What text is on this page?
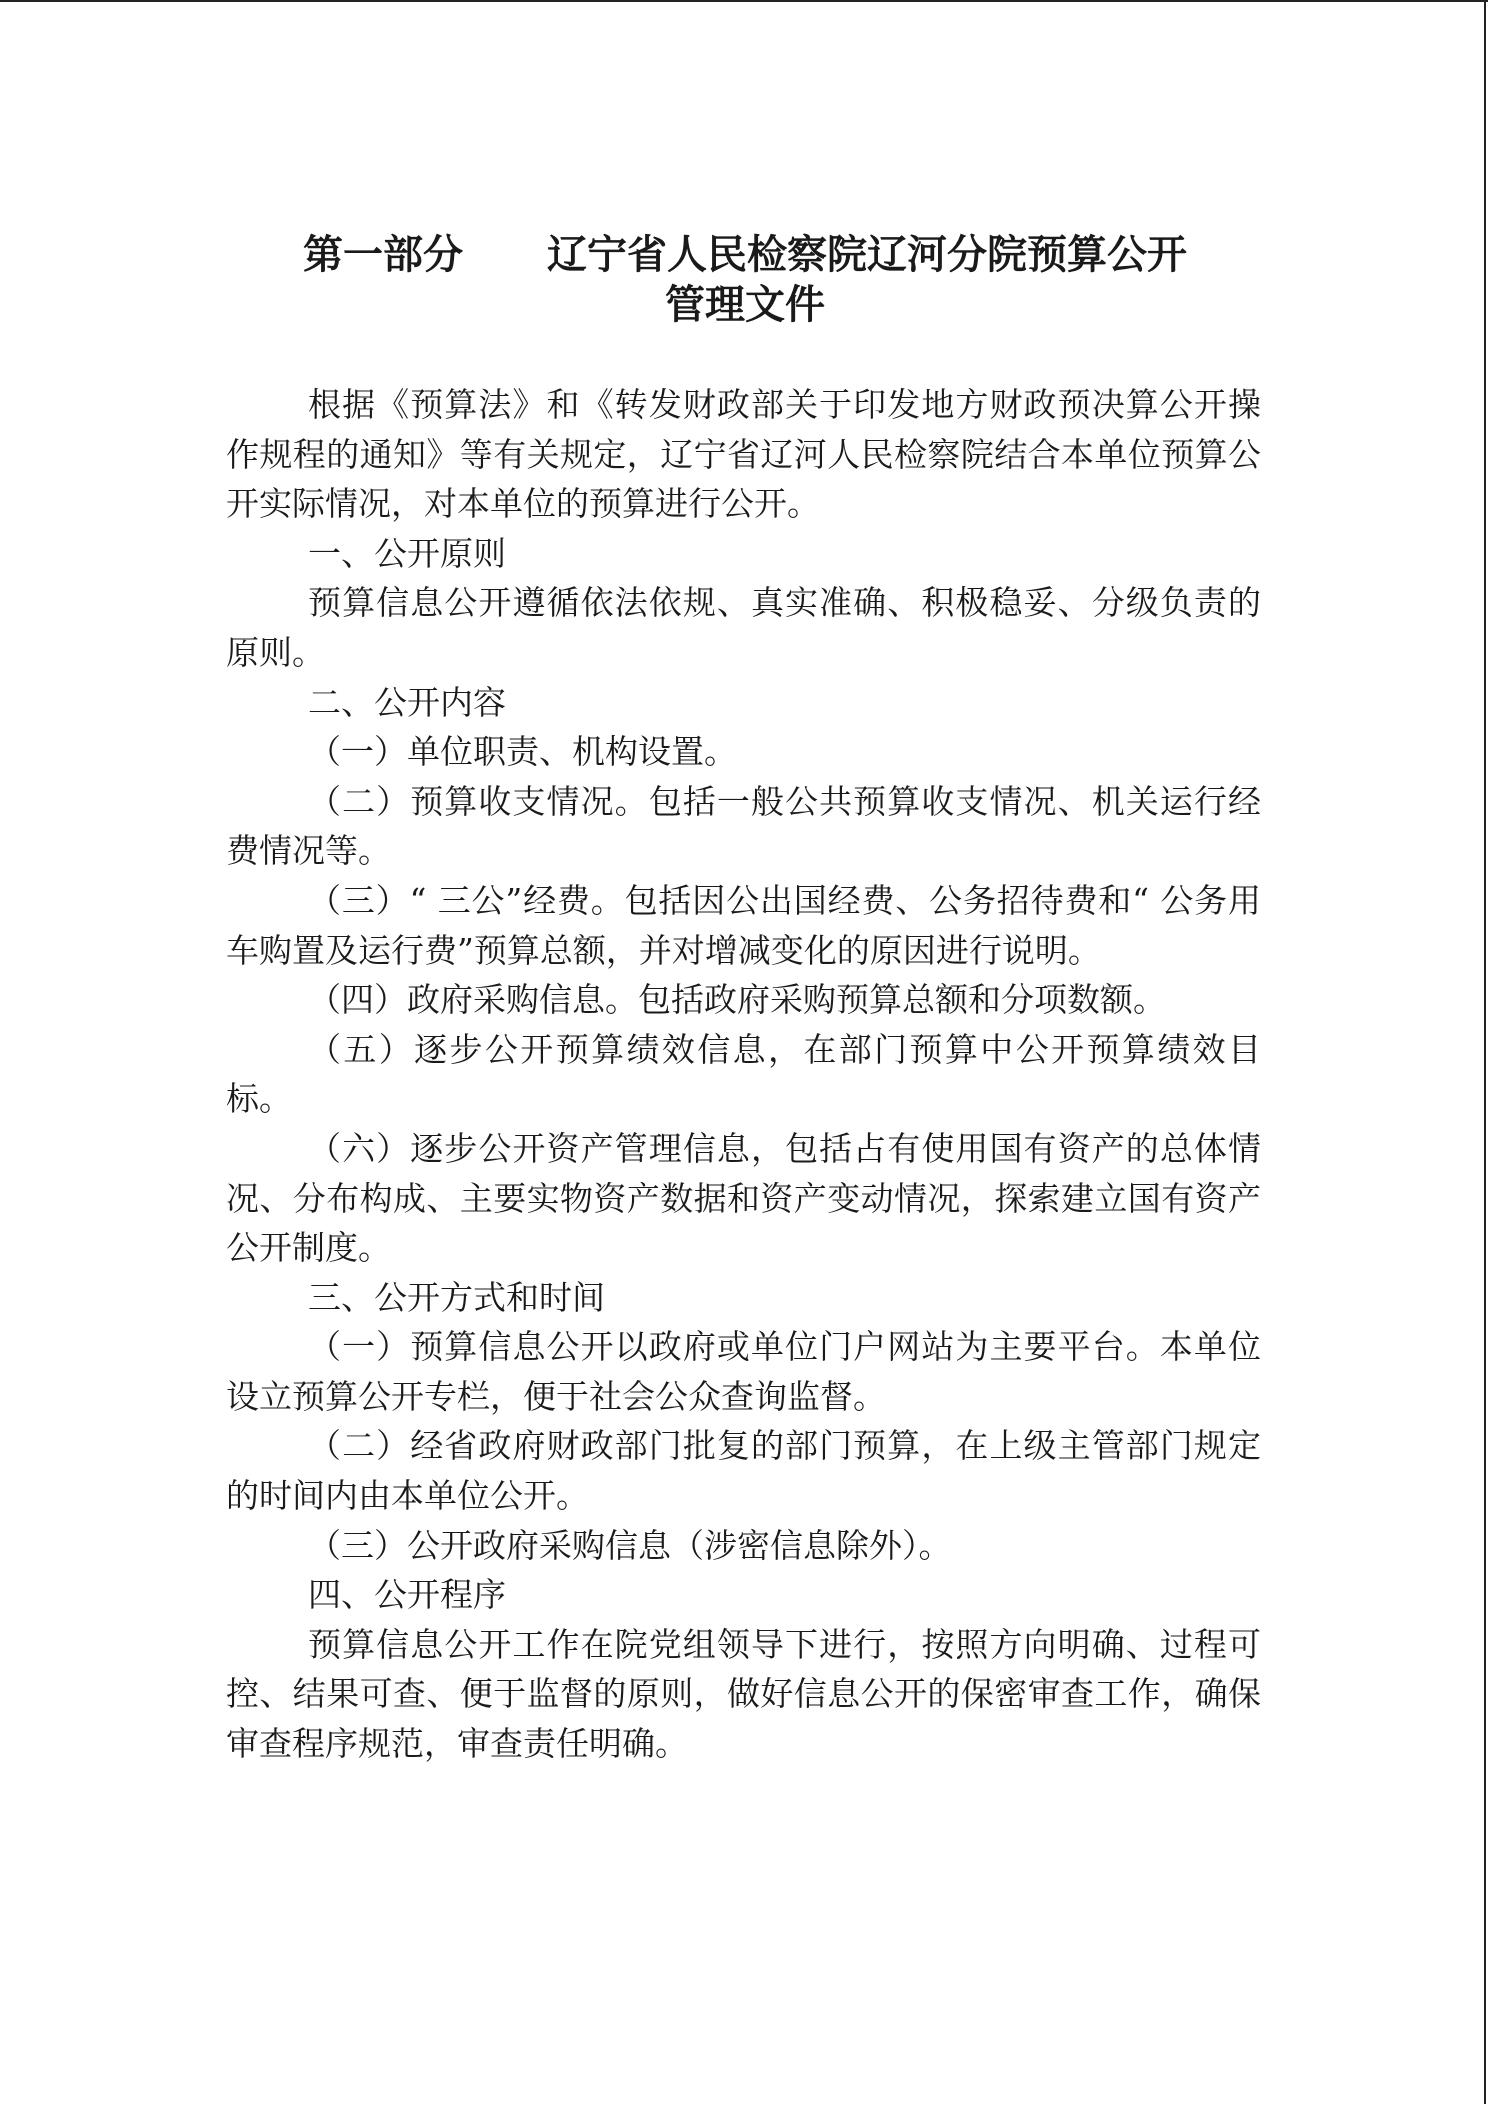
第一部分 辽宁省人民检察院辽河分院预算公开
管理文件

根据《预算法》和《转发财政部关于印发地方财政预决算公开操作规程的通知》等有关规定，辽宁省辽河人民检察院结合本单位预算公开实际情况，对本单位的预算进行公开。

一、公开原则

预算信息公开遵循依法依规、真实准确、积极稳妥、分级负责的原则。

二、公开内容

（一）单位职责、机构设置。

（二）预算收支情况。包括一般公共预算收支情况、机关运行经费情况等。

（三）“ 三公”经费。包括因公出国经费、公务招待费和“ 公务用车购置及运行费”预算总额，并对增减变化的原因进行说明。

（四）政府采购信息。包括政府采购预算总额和分项数额。

（五）逐步公开预算绩效信息，在部门预算中公开预算绩效目标。

（六）逐步公开资产管理信息，包括占有使用国有资产的总体情况、分布构成、主要实物资产数据和资产变动情况，探索建立国有资产公开制度。

三、公开方式和时间

（一）预算信息公开以政府或单位门户网站为主要平台。本单位设立预算公开专栏，便于社会公众查询监督。

（二）经省政府财政部门批复的部门预算，在上级主管部门规定的时间内由本单位公开。

（三）公开政府采购信息（涉密信息除外）。

四、公开程序

预算信息公开工作在院党组领导下进行，按照方向明确、过程可控、结果可查、便于监督的原则，做好信息公开的保密审查工作，确保审查程序规范，审查责任明确。
